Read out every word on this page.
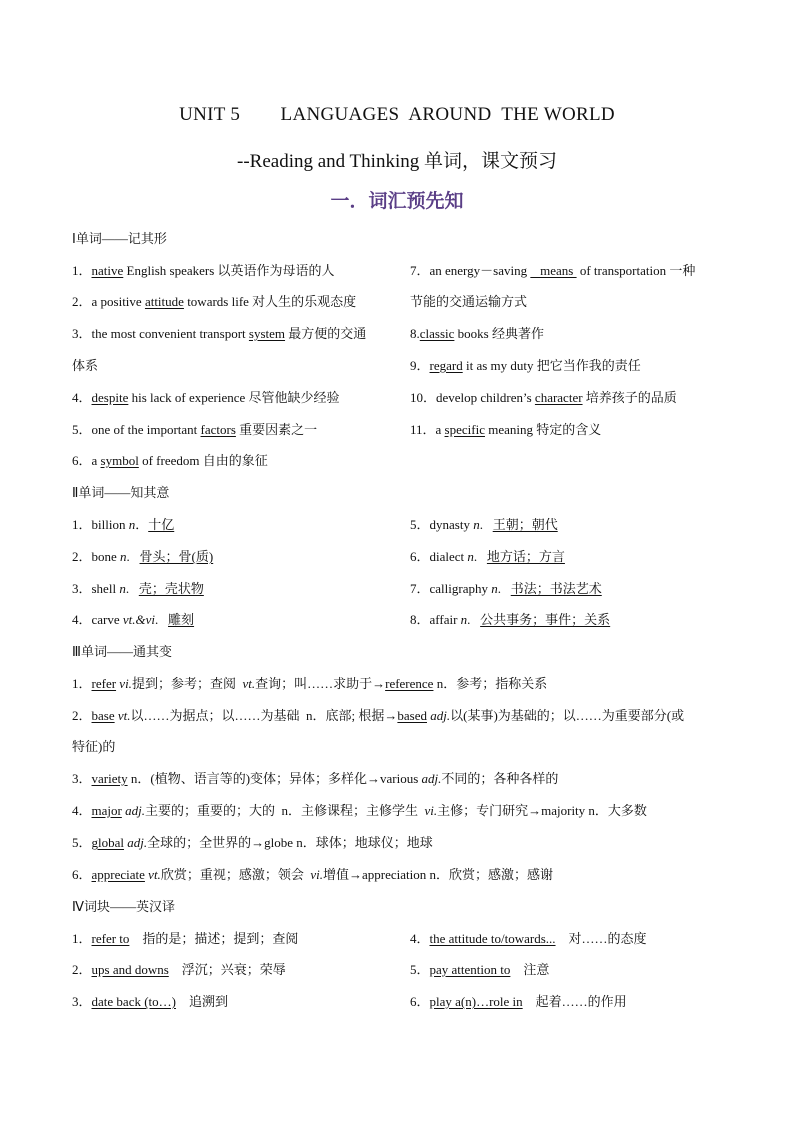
UNIT 5        LANGUAGES  AROUND  THE WORLD
--Reading and Thinking 单词，课文预习
一．词汇预先知
Ⅰ单词——记其形
1．native English speakers 以英语作为母语的人
2．a positive attitude towards life 对人生的乐观态度
3．the most convenient transport system 最方便的交通
体系
4．despite his lack of experience 尽管他缺少经验
5．one of the important factors 重要因素之一
6．a symbol of freedom 自由的象征
7．an energy－saving    means  of transportation 一种
节能的交通运输方式
8.classic books 经典著作
9．regard it as my duty 把它当作我的责任
10．develop children’s character 培养孩子的品质
11．a specific meaning 特定的含义
Ⅱ单词——知其意
1．billion n．十亿
2．bone n.   骨头；骨(质)
3．shell n.   壳；壳状物
4．carve vt.&vi.   雕刻
5．dynasty n.   王朝；朝代
6．dialect n.   地方话；方言
7．calligraphy n.   书法；书法艺术
8．affair n.   公共事务；事件；关系
Ⅲ单词——通其变
1．refer vi.提到；参考；查阅  vt.查询；叫……求助于→reference n．参考；指称关系
2．base vt.以……为据点；以……为基础  n．底部; 根据→based adj.以(某事)为基础的；以……为重要部分(或
特征)的
3．variety n．(植物、语言等的)变体；异体；多样化→various adj.不同的；各种各样的
4．major adj.主要的；重要的；大的  n．主修课程；主修学生  vi.主修；专门研究→majority n．大多数
5．global adj.全球的；全世界的→globe n．球体；地球仪；地球
6．appreciate vt.欣赏；重视；感激；领会  vi.增值→appreciation n．欣赏；感激；感谢
Ⅳ词块——英汉译
1．refer to    指的是；描述；提到；查阅
2．ups and downs    浮沉；兴衰；荣辱
3．date back (to…)    追溯到
4．the attitude to/towards...    对……的态度
5．pay attention to    注意
6．play a(n)…role in    起着……的作用
